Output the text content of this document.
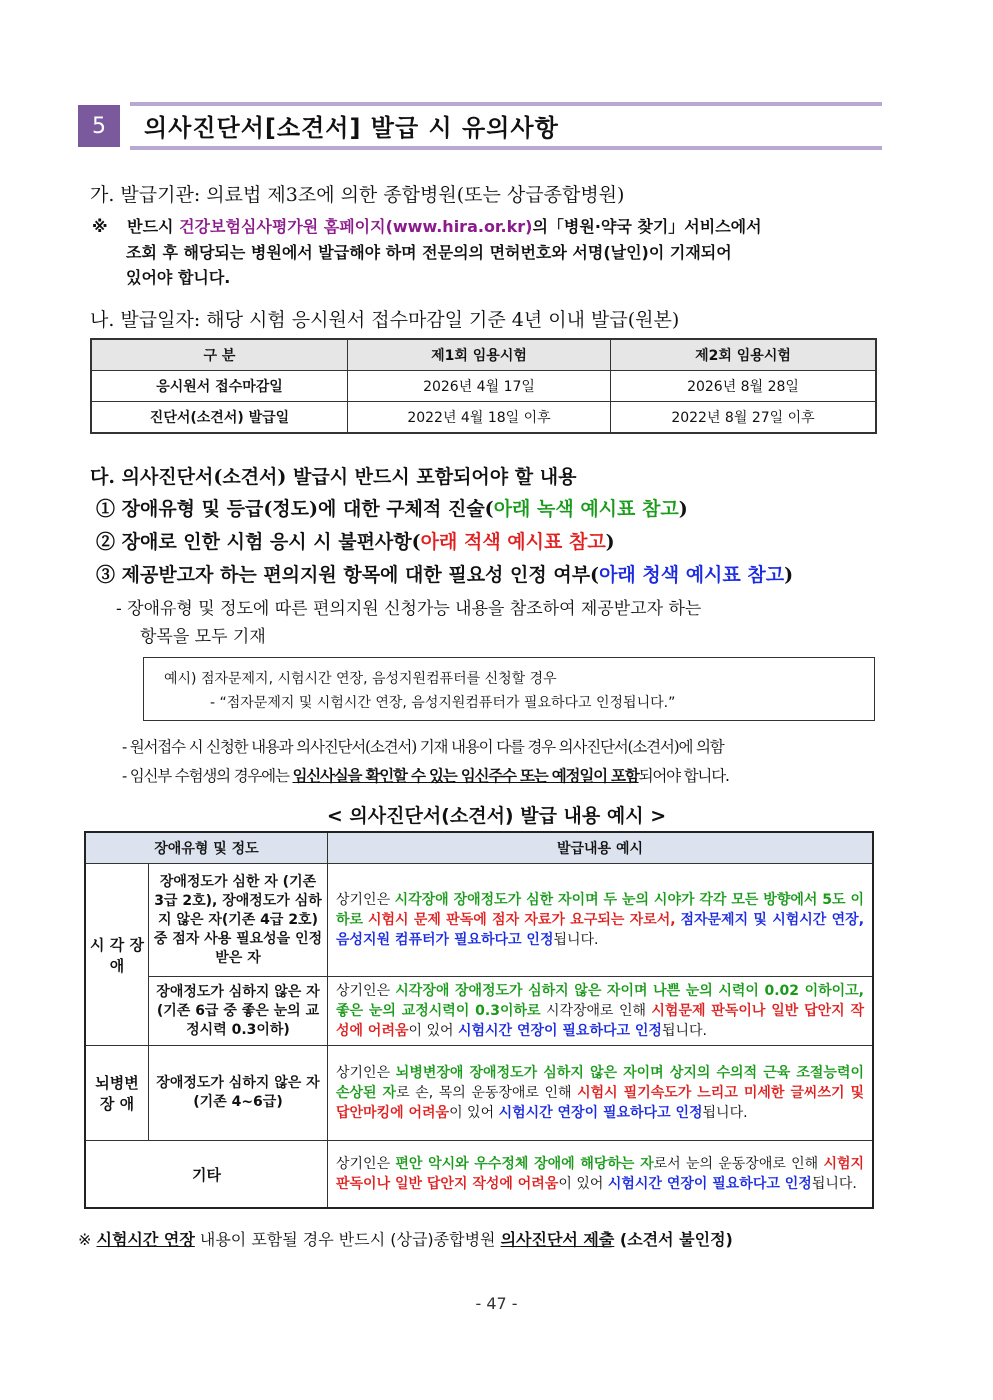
5	의사진단서[소견서] 발급 시 유의사항
가. 발급기관: 의료법 제3조에 의한 종합병원(또는 상급종합병원)
※ 반드시 건강보험심사평가원 홈페이지(www.hira.or.kr)의「병원·약국 찾기」서비스에서
조회 후 해당되는 병원에서 발급해야 하며 전문의의 면허번호와 서명(날인)이 기재되어
있어야 합니다.
나. 발급일자: 해당 시험 응시원서 접수마감일 기준 4년 이내 발급(원본)
구 분	제1회 임용시험	제2회 임용시험
응시원서 접수마감일	2026년 4월 17일	2026년 8월 28일
진단서(소견서) 발급일	2022년 4월 18일 이후	2022년 8월 27일 이후
다. 의사진단서(소견서) 발급시 반드시 포함되어야 할 내용
① 장애유형 및 등급(정도)에 대한 구체적 진술(아래 녹색 예시표 참고)
② 장애로 인한 시험 응시 시 불편사항(아래 적색 예시표 참고)
③ 제공받고자 하는 편의지원 항목에 대한 필요성 인정 여부(아래 청색 예시표 참고)
- 장애유형 및 정도에 따른 편의지원 신청가능 내용을 참조하여 제공받고자 하는
항목을 모두 기재
예시) 점자문제지, 시험시간 연장, 음성지원컴퓨터를 신청할 경우
- “점자문제지 및 시험시간 연장, 음성지원컴퓨터가 필요하다고 인정됩니다.”
- 원서접수 시 신청한 내용과 의사진단서(소견서) 기재 내용이 다를 경우 의사진단서(소견서)에 의함
- 임신부 수험생의 경우에는 임신사실을 확인할 수 있는 임신주수 또는 예정일이 포함되어야 합니다.
< 의사진단서(소견서) 발급 내용 예시 >
장애유형 및 정도		발급내용 예시
시 각 장 애	장애정도가 심한 자 (기존 3급 2호), 장애정도가 심하지 않은 자(기존 4급 2호) 중 점자 사용 필요성을 인정받은 자	상기인은 시각장애 장애정도가 심한 자이며 두 눈의 시야가 각각 모든 방향에서 5도 이하로 시험시 문제 판독에 점자 자료가 요구되는 자로서, 점자문제지 및 시험시간 연장, 음성지원 컴퓨터가 필요하다고 인정됩니다.
	장애정도가 심하지 않은 자(기존 6급 중 좋은 눈의 교정시력 0.3이하)	상기인은 시각장애 장애정도가 심하지 않은 자이며 나쁜 눈의 시력이 0.02 이하이고, 좋은 눈의 교정시력이 0.3이하로 시각장애로 인해 시험문제 판독이나 일반 답안지 작성에 어려움이 있어 시험시간 연장이 필요하다고 인정됩니다.
뇌병변 장 애	장애정도가 심하지 않은 자(기존 4~6급)	상기인은 뇌병변장애 장애정도가 심하지 않은 자이며 상지의 수의적 근육 조절능력이 손상된 자로 손, 목의 운동장애로 인해 시험시 필기속도가 느리고 미세한 글씨쓰기 및 답안마킹에 어려움이 있어 시험시간 연장이 필요하다고 인정됩니다.
기타		상기인은 편안 악시와 우수정체 장애에 해당하는 자로서 눈의 운동장애로 인해 시험지 판독이나 일반 답안지 작성에 어려움이 있어 시험시간 연장이 필요하다고 인정됩니다.
※ 시험시간 연장 내용이 포함될 경우 반드시 (상급)종합병원 의사진단서 제출 (소견서 불인정)
- 47 -
